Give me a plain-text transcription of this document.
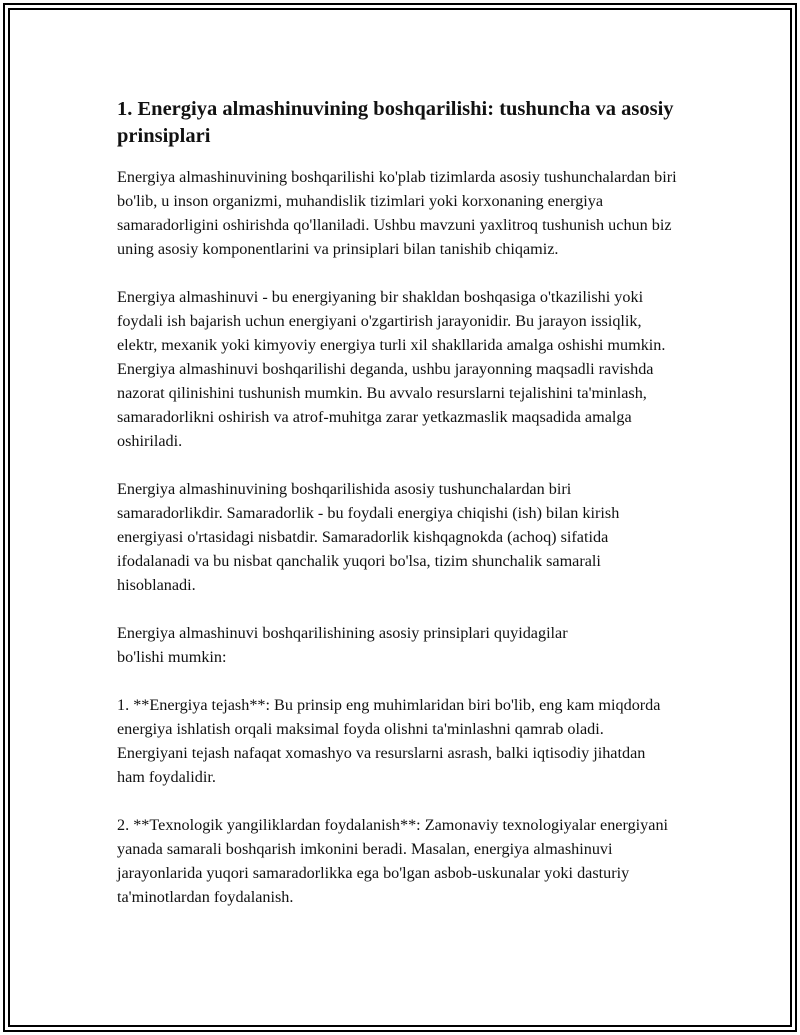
1. Energiya almashinuvining boshqarilishi: tushuncha va asosiy prinsiplari

Energiya almashinuvining boshqarilishi ko'plab tizimlarda asosiy tushunchalardan biri bo'lib, u inson organizmi, muhandislik tizimlari yoki korxonaning energiya samaradorligini oshirishda qo'llaniladi. Ushbu mavzuni yaxlitroq tushunish uchun biz uning asosiy komponentlarini va prinsiplari bilan tanishib chiqamiz.

Energiya almashinuvi - bu energiyaning bir shakldan boshqasiga o'tkazilishi yoki foydali ish bajarish uchun energiyani o'zgartirish jarayonidir. Bu jarayon issiqlik, elektr, mexanik yoki kimyoviy energiya turli xil shakllarida amalga oshishi mumkin. Energiya almashinuvi boshqarilishi deganda, ushbu jarayonning maqsadli ravishda nazorat qilinishini tushunish mumkin. Bu avvalo resurslarni tejalishini ta'minlash, samaradorlikni oshirish va atrof-muhitga zarar yetkazmaslik maqsadida amalga oshiriladi.

Energiya almashinuvining boshqarilishida asosiy tushunchalardan biri samaradorlikdir. Samaradorlik - bu foydali energiya chiqishi (ish) bilan kirish energiyasi o'rtasidagi nisbatdir. Samaradorlik kishqagnokda (achoq) sifatida ifodalanadi va bu nisbat qanchalik yuqori bo'lsa, tizim shunchalik samarali hisoblanadi.

Energiya almashinuvi boshqarilishining asosiy prinsiplari quyidagilar
bo'lishi mumkin:

1. **Energiya tejash**: Bu prinsip eng muhimlaridan biri bo'lib, eng kam miqdorda energiya ishlatish orqali maksimal foyda olishni ta'minlashni qamrab oladi. Energiyani tejash nafaqat xomashyo va resurslarni asrash, balki iqtisodiy jihatdan ham foydalidir.

2. **Texnologik yangiliklardan foydalanish**: Zamonaviy texnologiyalar energiyani yanada samarali boshqarish imkonini beradi. Masalan, energiya almashinuvi jarayonlarida yuqori samaradorlikka ega bo'lgan asbob-uskunalar yoki dasturiy ta'minotlardan foydalanish.
